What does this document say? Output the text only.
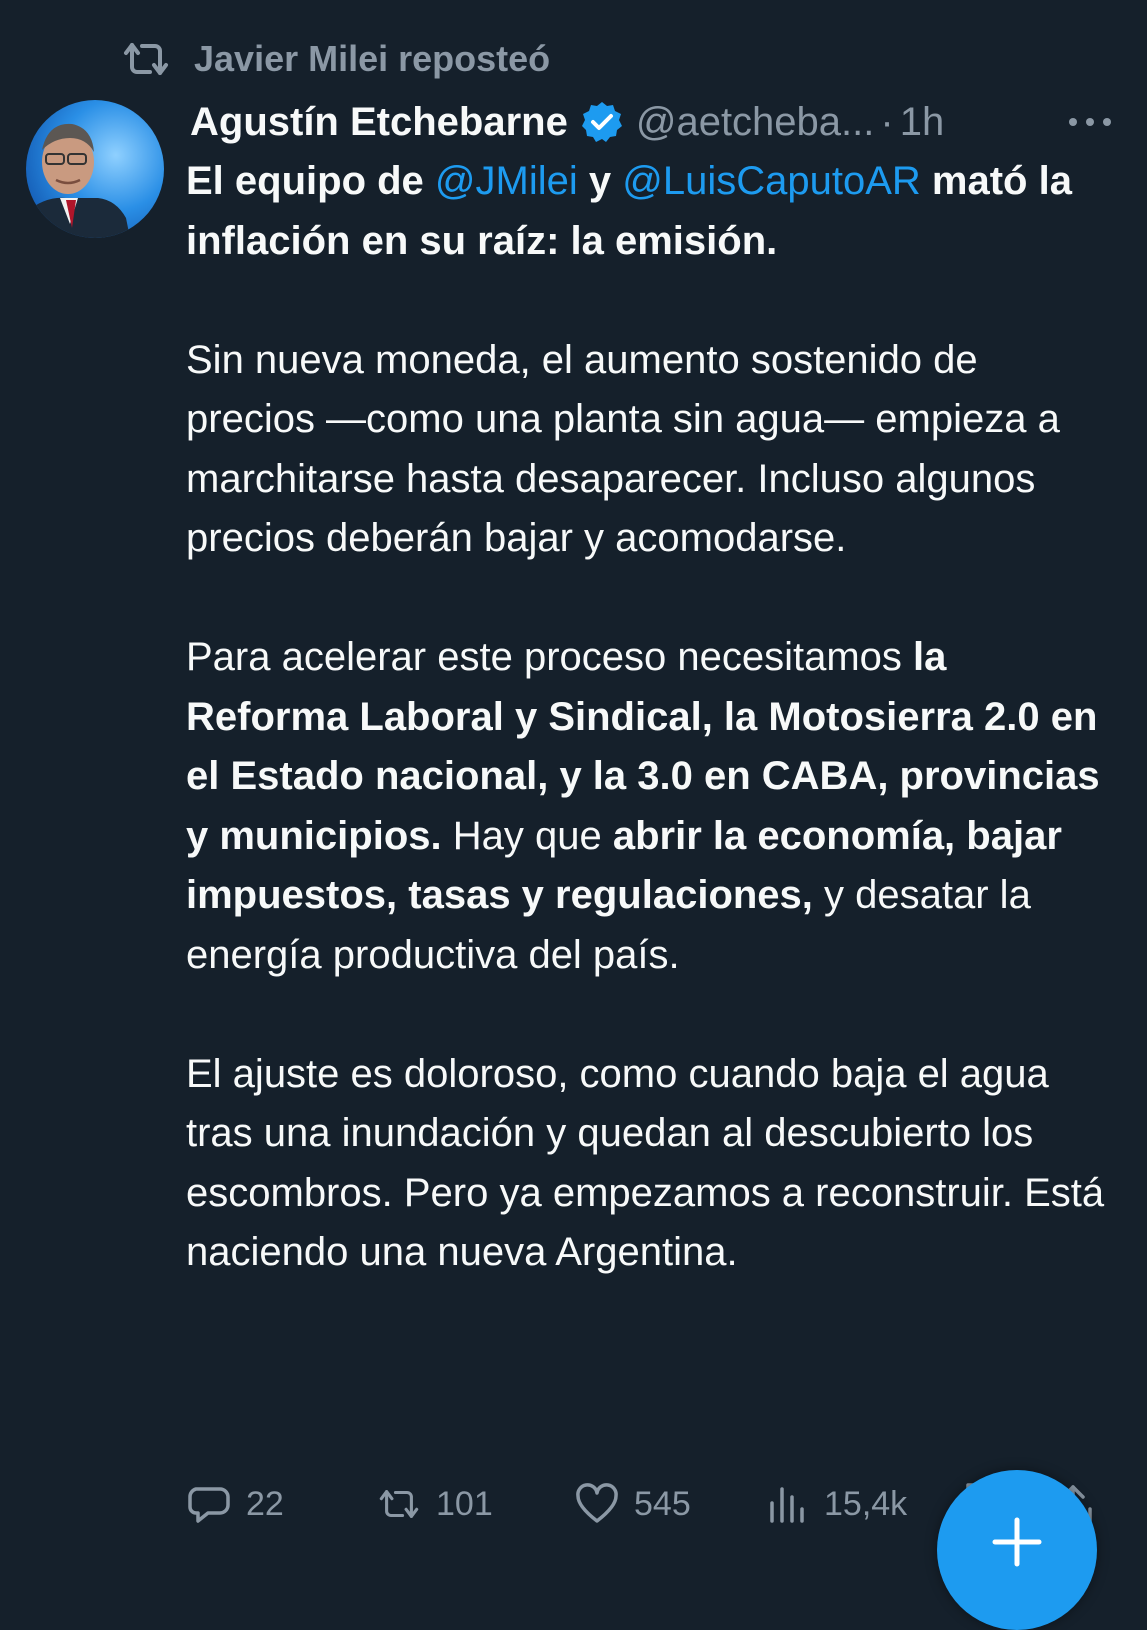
Javier Milei reposteó
Agustín Etchebarne @aetcheba... · 1h

El equipo de @JMilei y @LuisCaputoAR mató la inflación en su raíz: la emisión.

Sin nueva moneda, el aumento sostenido de precios —como una planta sin agua— empieza a marchitarse hasta desaparecer. Incluso algunos precios deberán bajar y acomodarse.

Para acelerar este proceso necesitamos la Reforma Laboral y Sindical, la Motosierra 2.0 en el Estado nacional, y la 3.0 en CABA, provincias y municipios. Hay que abrir la economía, bajar impuestos, tasas y regulaciones, y desatar la energía productiva del país.

El ajuste es doloroso, como cuando baja el agua tras una inundación y quedan al descubierto los escombros. Pero ya empezamos a reconstruir. Está naciendo una nueva Argentina.

22	101	545	15,4k
